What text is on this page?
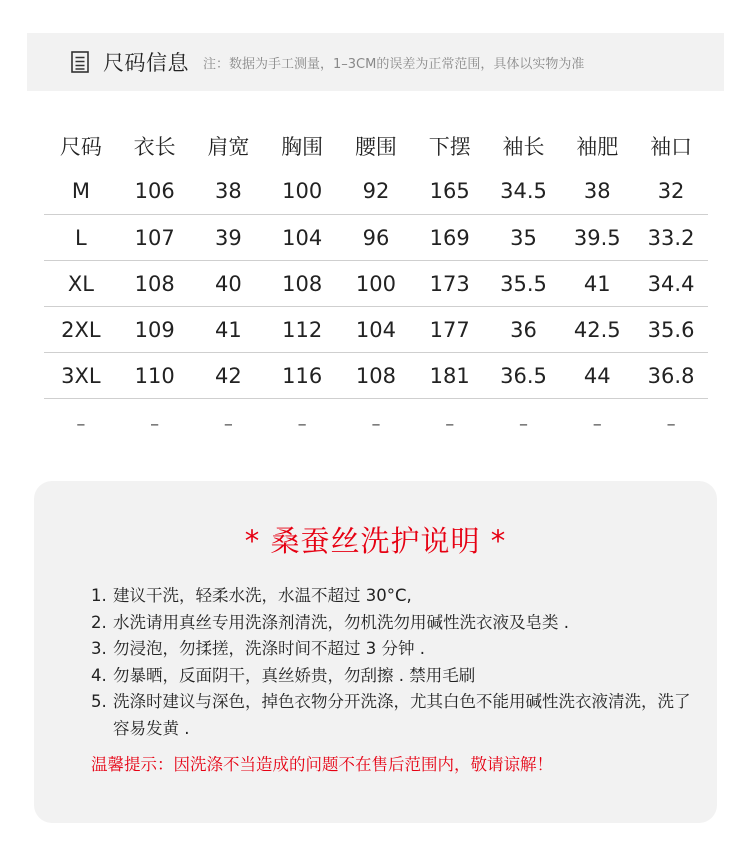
尺码信息 注：数据为手工测量，1–3CM的误差为正常范围，具体以实物为准
尺码	衣长	肩宽	胸围	腰围	下摆	袖长	袖肥	袖口
M	106	38	100	92	165	34.5	38	32
L	107	39	104	96	169	35	39.5	33.2
XL	108	40	108	100	173	35.5	41	34.4
2XL	109	41	112	104	177	36	42.5	35.6
3XL	110	42	116	108	181	36.5	44	36.8
–	–	–	–	–	–	–	–	–
* 桑蚕丝洗护说明 *
1. 建议干洗，轻柔水洗，水温不超过 30°C,
2. 水洗请用真丝专用洗涤剂清洗，勿机洗勿用碱性洗衣液及皂类 .
3. 勿浸泡，勿揉搓，洗涤时间不超过 3 分钟 .
4. 勿暴晒，反面阴干，真丝娇贵，勿刮擦 . 禁用毛刷
5. 洗涤时建议与深色，掉色衣物分开洗涤，尤其白色不能用碱性洗衣液清洗，洗了容易发黄 .
温馨提示：因洗涤不当造成的问题不在售后范围内，敬请谅解！
